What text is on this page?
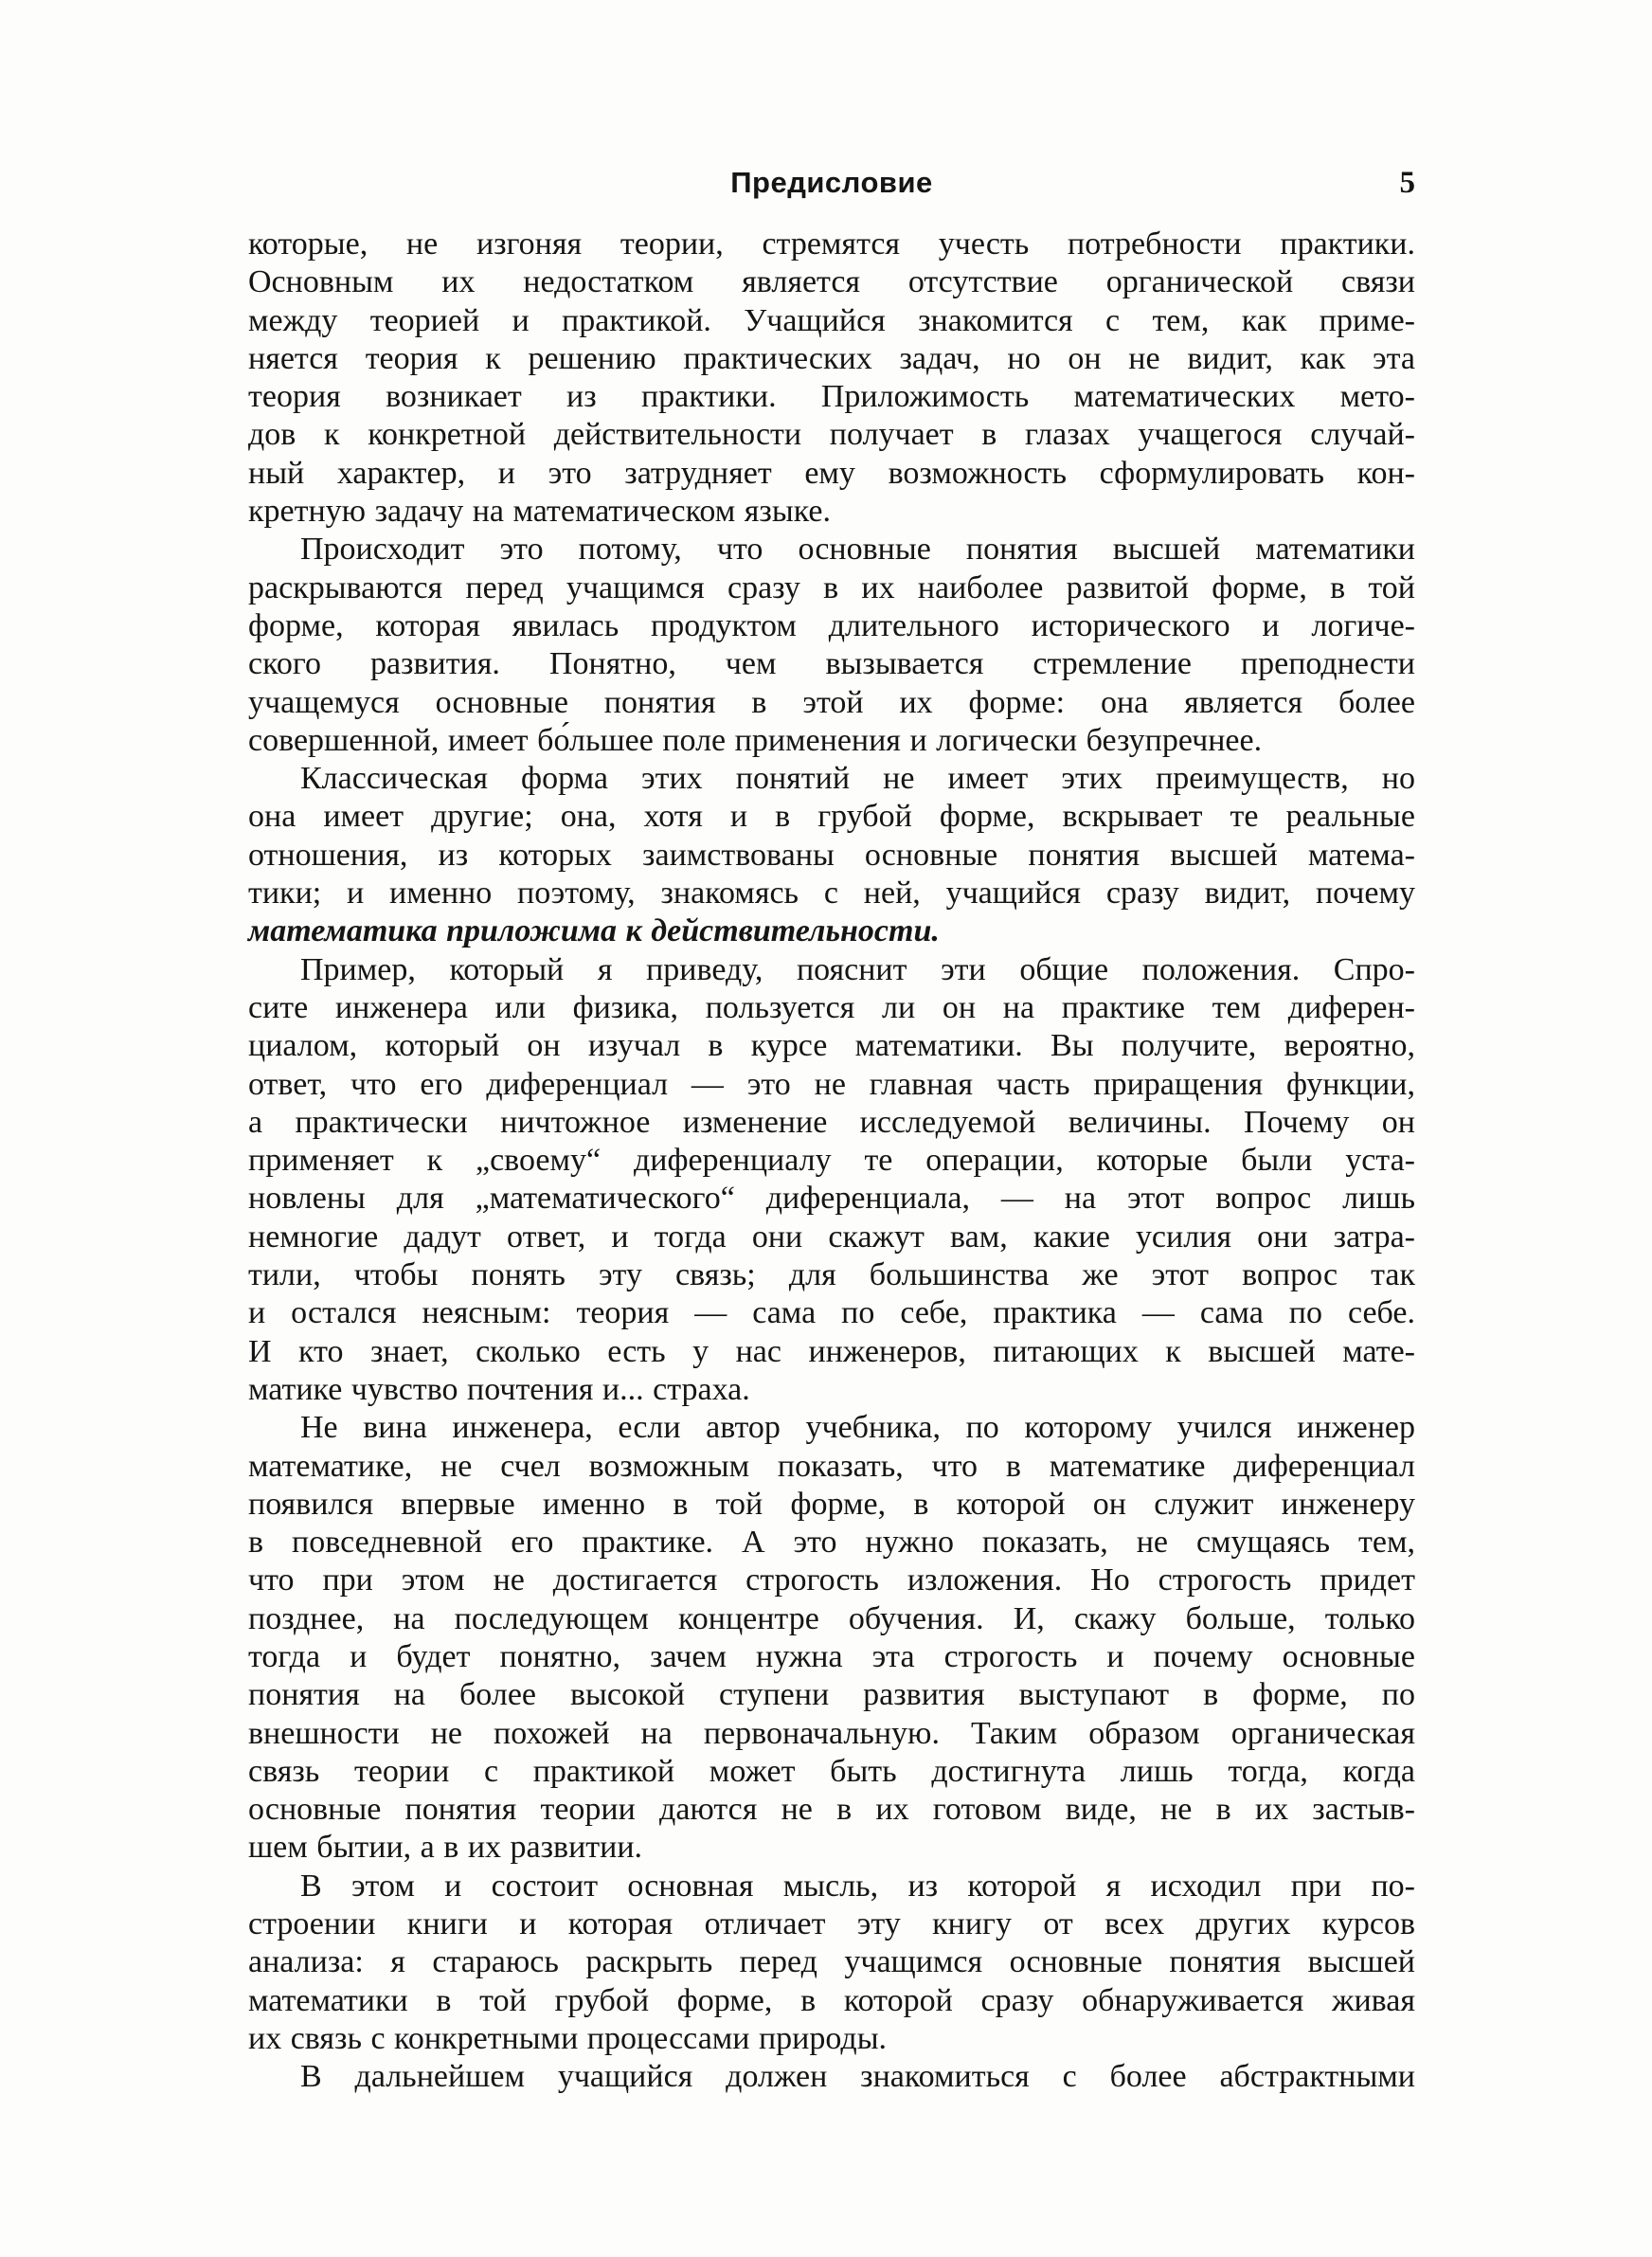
Предисловие	5
которые, не изгоняя теории, стремятся учесть потребности практики.
Основным их недостатком является отсутствие органической связи
между теорией и практикой. Учащийся знакомится с тем, как приме-
няется теория к решению практических задач, но он не видит, как эта
теория возникает из практики. Приложимость математических мето-
дов к конкретной действительности получает в глазах учащегося случай-
ный характер, и это затрудняет ему возможность сформулировать кон-
кретную задачу на математическом языке.
Происходит это потому, что основные понятия высшей математики
раскрываются перед учащимся сразу в их наиболее развитой форме, в той
форме, которая явилась продуктом длительного исторического и логиче-
ского развития. Понятно, чем вызывается стремление преподнести
учащемуся основные понятия в этой их форме: она является более
совершенной, имеет бо́льшее поле применения и логически безупречнее.
Классическая форма этих понятий не имеет этих преимуществ, но
она имеет другие; она, хотя и в грубой форме, вскрывает те реальные
отношения, из которых заимствованы основные понятия высшей матема-
тики; и именно поэтому, знакомясь с ней, учащийся сразу видит, почему
математика приложима к действительности.
Пример, который я приведу, пояснит эти общие положения. Спро-
сите инженера или физика, пользуется ли он на практике тем диферен-
циалом, который он изучал в курсе математики. Вы получите, вероятно,
ответ, что его диференциал — это не главная часть приращения функции,
а практически ничтожное изменение исследуемой величины. Почему он
применяет к „своему“ диференциалу те операции, которые были уста-
новлены для „математического“ диференциала, — на этот вопрос лишь
немногие дадут ответ, и тогда они скажут вам, какие усилия они затра-
тили, чтобы понять эту связь; для большинства же этот вопрос так
и остался неясным: теория — сама по себе, практика — сама по себе.
И кто знает, сколько есть у нас инженеров, питающих к высшей мате-
матике чувство почтения и... страха.
Не вина инженера, если автор учебника, по которому учился инженер
математике, не счел возможным показать, что в математике диференциал
появился впервые именно в той форме, в которой он служит инженеру
в повседневной его практике. А это нужно показать, не смущаясь тем,
что при этом не достигается строгость изложения. Но строгость придет
позднее, на последующем концентре обучения. И, скажу больше, только
тогда и будет понятно, зачем нужна эта строгость и почему основные
понятия на более высокой ступени развития выступают в форме, по
внешности не похожей на первоначальную. Таким образом органическая
связь теории с практикой может быть достигнута лишь тогда, когда
основные понятия теории даются не в их готовом виде, не в их застыв-
шем бытии, а в их развитии.
В этом и состоит основная мысль, из которой я исходил при по-
строении книги и которая отличает эту книгу от всех других курсов
анализа: я стараюсь раскрыть перед учащимся основные понятия высшей
математики в той грубой форме, в которой сразу обнаруживается живая
их связь с конкретными процессами природы.
В дальнейшем учащийся должен знакомиться с более абстрактными
